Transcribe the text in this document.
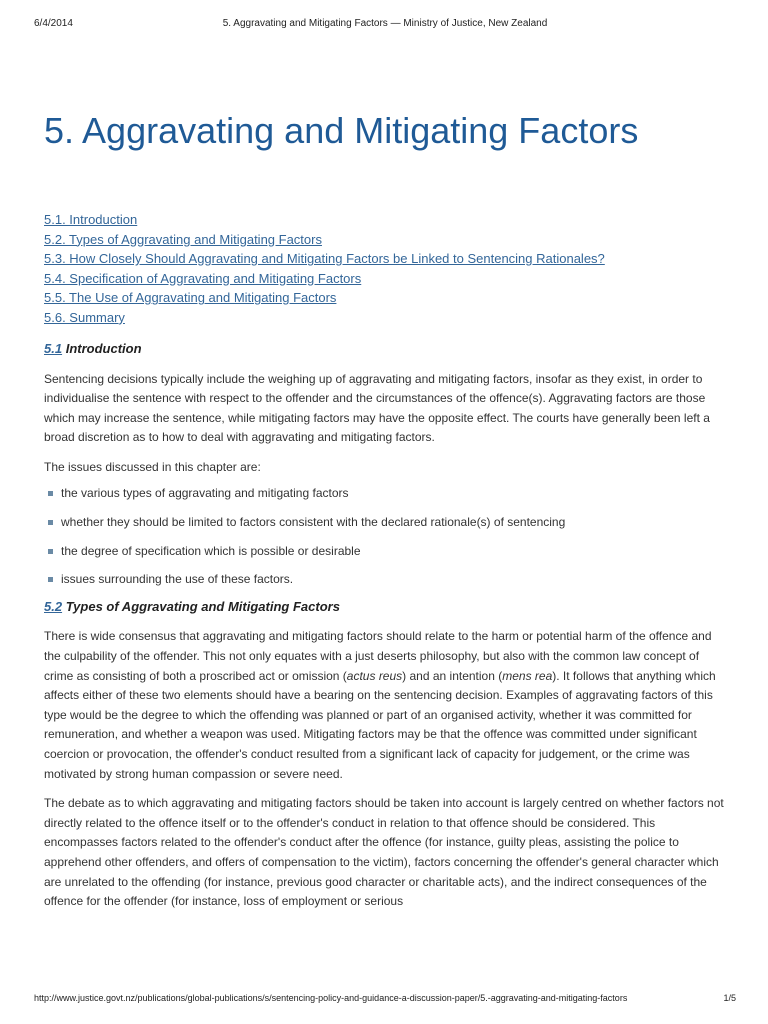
6/4/2014	5. Aggravating and Mitigating Factors — Ministry of Justice, New Zealand
5. Aggravating and Mitigating Factors
5.1. Introduction
5.2. Types of Aggravating and Mitigating Factors
5.3. How Closely Should Aggravating and Mitigating Factors be Linked to Sentencing Rationales?
5.4. Specification of Aggravating and Mitigating Factors
5.5. The Use of Aggravating and Mitigating Factors
5.6. Summary
5.1 Introduction

Sentencing decisions typically include the weighing up of aggravating and mitigating factors, insofar as they exist, in order to individualise the sentence with respect to the offender and the circumstances of the offence(s). Aggravating factors are those which may increase the sentence, while mitigating factors may have the opposite effect. The courts have generally been left a broad discretion as to how to deal with aggravating and mitigating factors.

The issues discussed in this chapter are:

the various types of aggravating and mitigating factors
whether they should be limited to factors consistent with the declared rationale(s) of sentencing
the degree of specification which is possible or desirable
issues surrounding the use of these factors.
5.2 Types of Aggravating and Mitigating Factors

There is wide consensus that aggravating and mitigating factors should relate to the harm or potential harm of the offence and the culpability of the offender. This not only equates with a just deserts philosophy, but also with the common law concept of crime as consisting of both a proscribed act or omission (actus reus) and an intention (mens rea). It follows that anything which affects either of these two elements should have a bearing on the sentencing decision. Examples of aggravating factors of this type would be the degree to which the offending was planned or part of an organised activity, whether it was committed for remuneration, and whether a weapon was used. Mitigating factors may be that the offence was committed under significant coercion or provocation, the offender's conduct resulted from a significant lack of capacity for judgement, or the crime was motivated by strong human compassion or severe need.

The debate as to which aggravating and mitigating factors should be taken into account is largely centred on whether factors not directly related to the offence itself or to the offender's conduct in relation to that offence should be considered. This encompasses factors related to the offender's conduct after the offence (for instance, guilty pleas, assisting the police to apprehend other offenders, and offers of compensation to the victim), factors concerning the offender's general character which are unrelated to the offending (for instance, previous good character or charitable acts), and the indirect consequences of the offence for the offender (for instance, loss of employment or serious

http://www.justice.govt.nz/publications/global-publications/s/sentencing-policy-and-guidance-a-discussion-paper/5.-aggravating-and-mitigating-factors	1/5
